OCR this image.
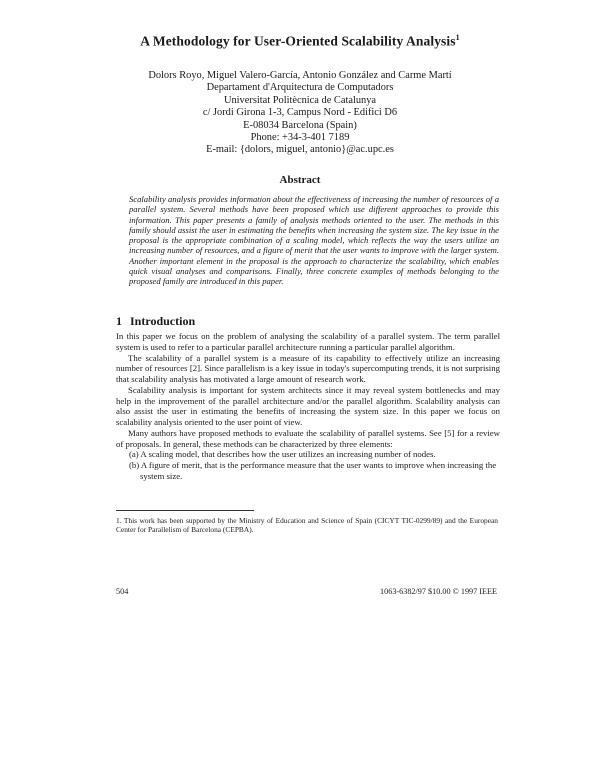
A Methodology for User-Oriented Scalability Analysis$^1$
Dolors Royo, Miguel Valero-García, Antonio González and Carme Martí
Departament d'Arquitectura de Computadors
Universitat Politècnica de Catalunya
c/ Jordi Girona 1-3, Campus Nord - Edifici D6
E-08034 Barcelona (Spain)
Phone: +34-3-401 7189
E-mail: {dolors, miguel, antonio}@ac.upc.es
Abstract
Scalability analysis provides information about the effectiveness of increasing the number of resources of a parallel system. Several methods have been proposed which use different approaches to provide this information. This paper presents a family of analysis methods oriented to the user. The methods in this family should assist the user in estimating the benefits when increasing the system size. The key issue in the proposal is the appropriate combination of a scaling model, which reflects the way the users utilize an increasing number of resources, and a figure of merit that the user wants to improve with the larger system. Another important element in the proposal is the approach to characterize the scalability, which enables quick visual analyses and comparisons. Finally, three concrete examples of methods belonging to the proposed family are introduced in this paper.
1 Introduction

In this paper we focus on the problem of analysing the scalability of a parallel system. The term parallel system is used to refer to a particular parallel architecture running a particular parallel algorithm.

The scalability of a parallel system is a measure of its capability to effectively utilize an increasing number of resources [2]. Since parallelism is a key issue in today's supercomputing trends, it is not surprising that scalability analysis has motivated a large amount of research work.

Scalability analysis is important for system architects since it may reveal system bottlenecks and may help in the improvement of the parallel architecture and/or the parallel algorithm. Scalability analysis can also assist the user in estimating the benefits of increasing the system size. In this paper we focus on scalability analysis oriented to the user point of view.

Many authors have proposed methods to evaluate the scalability of parallel systems. See [5] for a review of proposals. In general, these methods can be characterized by three elements:

(a) A scaling model, that describes how the user utilizes an increasing number of nodes.

(b) A figure of merit, that is the performance measure that the user wants to improve when increasing the system size.

1. This work has been supported by the Ministry of Education and Science of Spain (CICYT TIC-0299/89) and the European Center for Parallelism of Barcelona (CEPBA).
504	1063-6382/97 $10.00 © 1997 IEEE
